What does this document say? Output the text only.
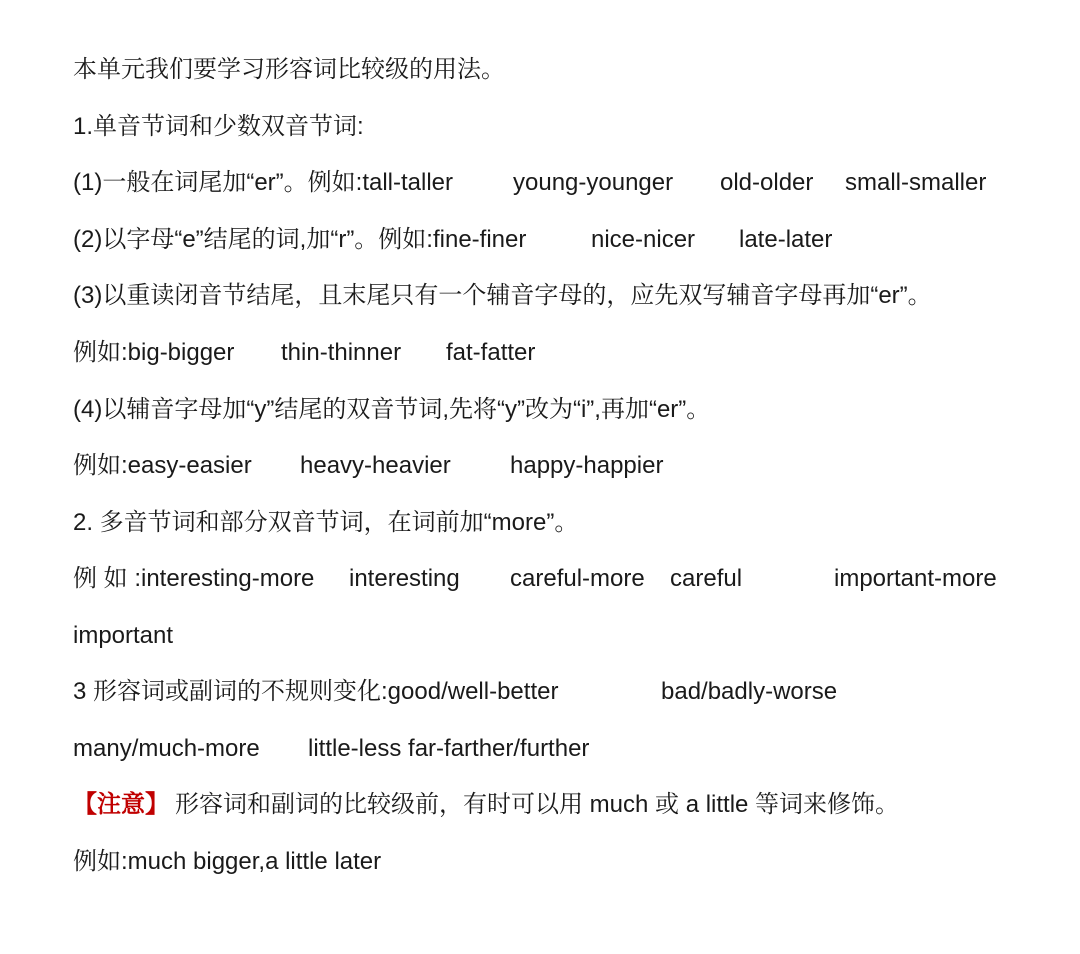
本单元我们要学习形容词比较级的用法。
1.单音节词和少数双音节词:
(1)一般在词尾加“er”。例如:tall-taller young-younger old-older small-smaller
(2)以字母“e”结尾的词,加“r”。例如:fine-finer	nice-nicer late-later
(3)以重读闭音节结尾，且末尾只有一个辅音字母的，应先双写辅音字母再加“er”。
例如:big-bigger thin-thinner fat-fatter
(4)以辅音字母加“y”结尾的双音节词,先将“y”改为“i”,再加“er”。
例如:easy-easier heavy-heavier happy-happier
2. 多音节词和部分双音节词，在词前加“more”。
例 如 :interesting-more interesting careful-more careful	important-more
important
3 形容词或副词的不规则变化:good/well-better	bad/badly-worse
many/much-more little-less far-farther/further
【注意】 形容词和副词的比较级前，有时可以用 much 或 a little 等词来修饰。
例如:much bigger,a little later
